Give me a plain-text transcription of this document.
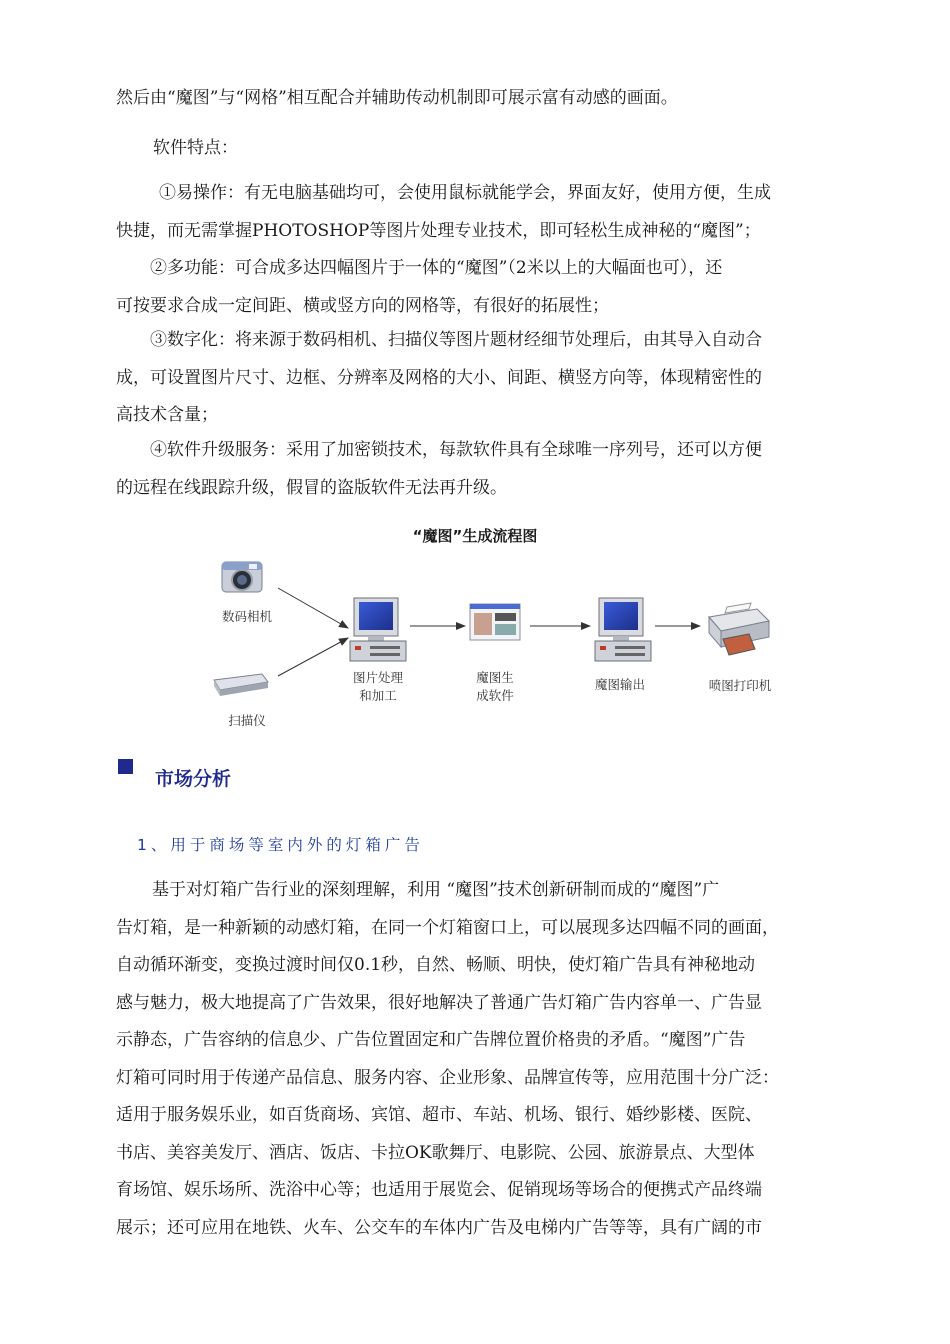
然后由“魔图”与“网格”相互配合并辅助传动机制即可展示富有动感的画面。

软件特点：

①易操作：有无电脑基础均可，会使用鼠标就能学会，界面友好，使用方便，生成
快捷，而无需掌握PHOTOSHOP等图片处理专业技术，即可轻松生成神秘的“魔图”；

②多功能：可合成多达四幅图片于一体的“魔图”（2米以上的大幅面也可），还
可按要求合成一定间距、横或竖方向的网格等，有很好的拓展性；

③数字化：将来源于数码相机、扫描仪等图片题材经细节处理后，由其导入自动合
成，可设置图片尺寸、边框、分辨率及网格的大小、间距、横竖方向等，体现精密性的
高技术含量；

④软件升级服务：采用了加密锁技术，每款软件具有全球唯一序列号，还可以方便
的远程在线跟踪升级，假冒的盗版软件无法再升级。

“魔图”生成流程图
数码相机
扫描仪
图片处理
和加工
魔图生
成软件
魔图输出	喷图打印机
市场分析
1、用于商场等室内外的灯箱广告

基于对灯箱广告行业的深刻理解，利用 “魔图”技术创新研制而成的“魔图”广
告灯箱，是一种新颖的动感灯箱，在同一个灯箱窗口上，可以展现多达四幅不同的画面，
自动循环渐变，变换过渡时间仅0.1秒，自然、畅顺、明快，使灯箱广告具有神秘地动
感与魅力，极大地提高了广告效果，很好地解决了普通广告灯箱广告内容单一、广告显
示静态，广告容纳的信息少、广告位置固定和广告牌位置价格贵的矛盾。“魔图”广告
灯箱可同时用于传递产品信息、服务内容、企业形象、品牌宣传等，应用范围十分广泛：
适用于服务娱乐业，如百货商场、宾馆、超市、车站、机场、银行、婚纱影楼、医院、
书店、美容美发厅、酒店、饭店、卡拉OK歌舞厅、电影院、公园、旅游景点、大型体
育场馆、娱乐场所、洗浴中心等；也适用于展览会、促销现场等场合的便携式产品终端
展示；还可应用在地铁、火车、公交车的车体内广告及电梯内广告等等，具有广阔的市
